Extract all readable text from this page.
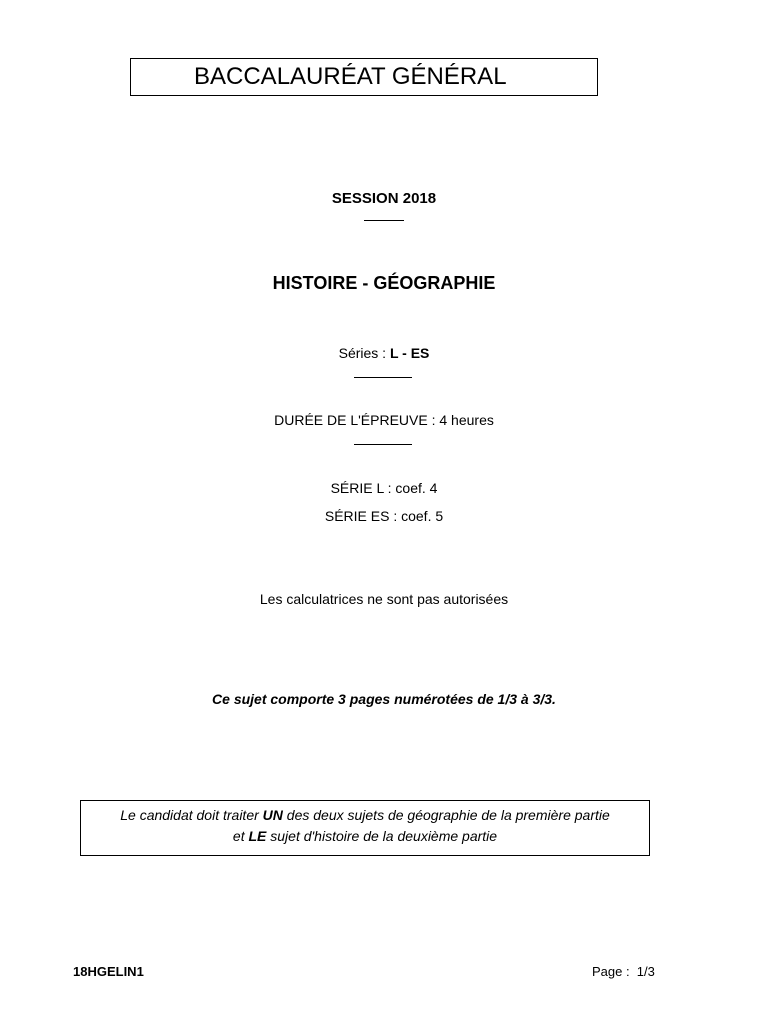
BACCALAURÉAT GÉNÉRAL
SESSION 2018
HISTOIRE - GÉOGRAPHIE
Séries : L - ES
DURÉE DE L'ÉPREUVE : 4 heures
SÉRIE L : coef. 4
SÉRIE ES : coef. 5
Les calculatrices ne sont pas autorisées
Ce sujet comporte 3 pages numérotées de 1/3 à 3/3.
Le candidat doit traiter UN des deux sujets de géographie de la première partie
et LE sujet d'histoire de la deuxième partie
18HGELIN1	Page :  1/3
